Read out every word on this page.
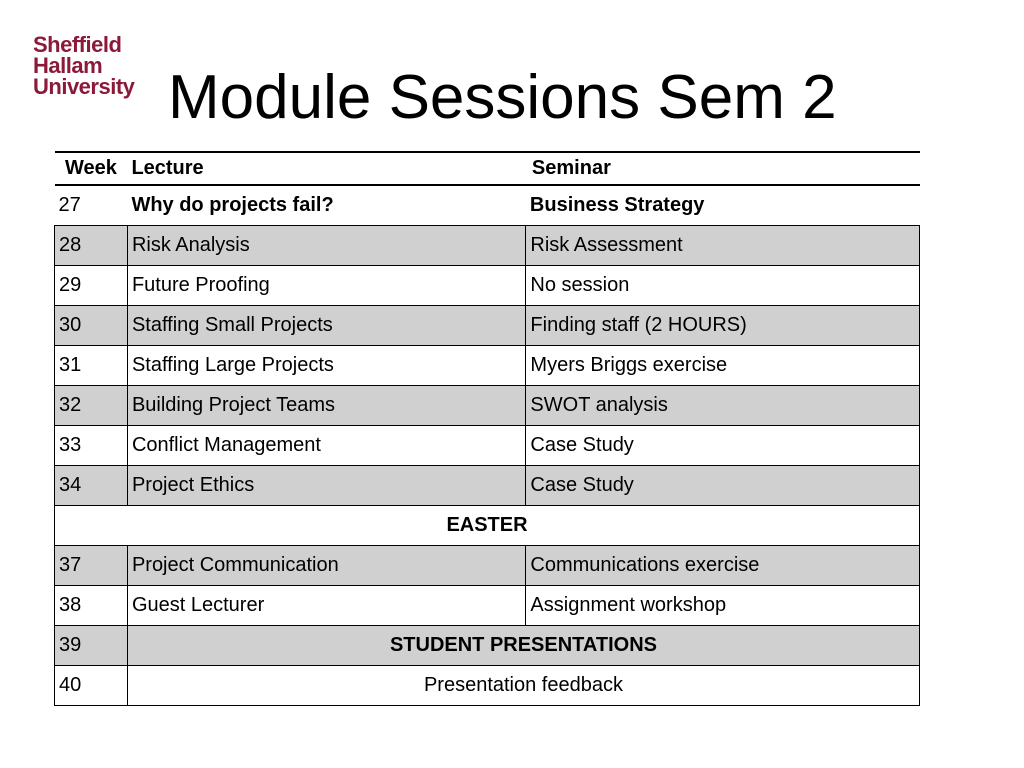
Sheffield
Hallam
University Module Sessions Sem 2
Week	Lecture	Seminar
27	Why do projects fail?	Business Strategy
28	Risk Analysis	Risk Assessment
29	Future Proofing	No session
30	Staffing Small Projects	Finding staff (2 HOURS)
31	Staffing Large Projects	Myers Briggs exercise
32	Building Project Teams	SWOT analysis
33	Conflict Management	Case Study
34	Project Ethics	Case Study
EASTER		
37	Project Communication	Communications exercise
38	Guest Lecturer	Assignment workshop
39	STUDENT PRESENTATIONS	
40	Presentation feedback	
